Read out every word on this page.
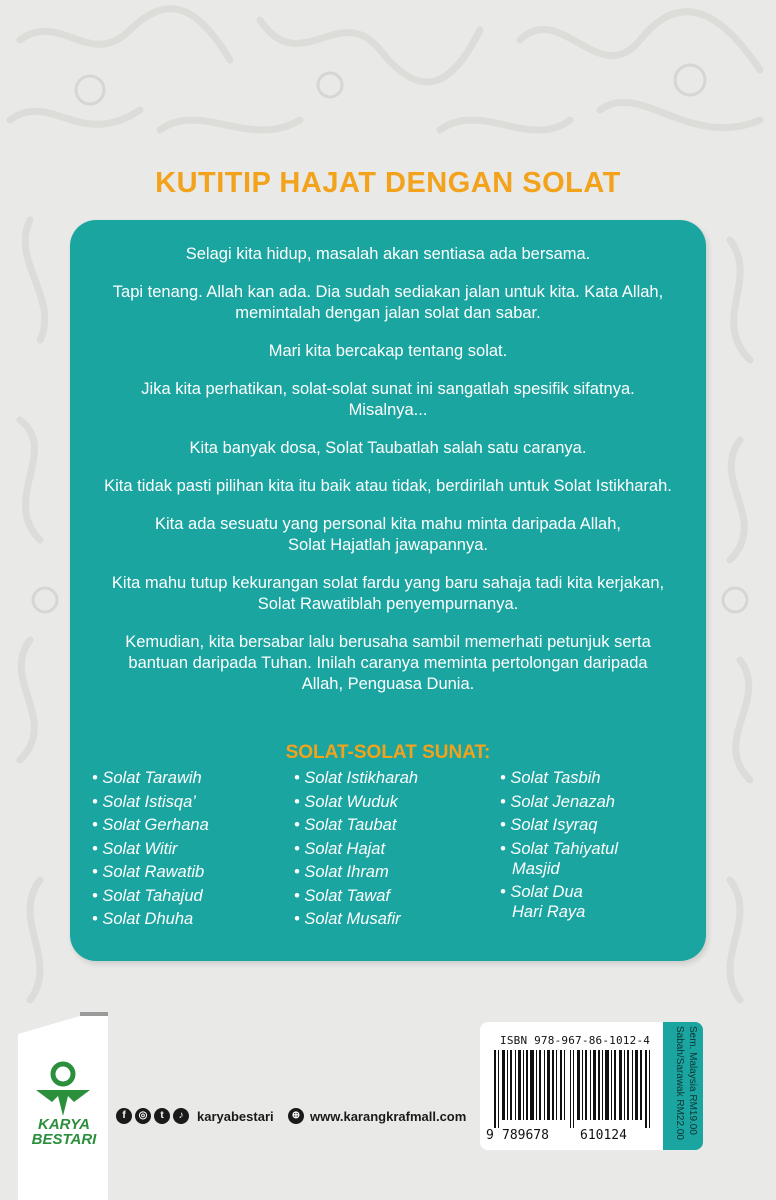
KUTITIP HAJAT DENGAN SOLAT

Selagi kita hidup, masalah akan sentiasa ada bersama.

Tapi tenang. Allah kan ada. Dia sudah sediakan jalan untuk kita. Kata Allah,
memintalah dengan jalan solat dan sabar.

Mari kita bercakap tentang solat.

Jika kita perhatikan, solat-solat sunat ini sangatlah spesifik sifatnya.
Misalnya...

Kita banyak dosa, Solat Taubatlah salah satu caranya.

Kita tidak pasti pilihan kita itu baik atau tidak, berdirilah untuk Solat Istikharah.

Kita ada sesuatu yang personal kita mahu minta daripada Allah,
Solat Hajatlah jawapannya.

Kita mahu tutup kekurangan solat fardu yang baru sahaja tadi kita kerjakan,
Solat Rawatiblah penyempurnanya.

Kemudian, kita bersabar lalu berusaha sambil memerhati petunjuk serta
bantuan daripada Tuhan. Inilah caranya meminta pertolongan daripada
Allah, Penguasa Dunia.

SOLAT-SOLAT SUNAT:
• Solat Tarawih
• Solat Istisqa’
• Solat Gerhana
• Solat Witir
• Solat Rawatib
• Solat Tahajud
• Solat Dhuha
• Solat Istikharah
• Solat Wuduk
• Solat Taubat
• Solat Hajat
• Solat Ihram
• Solat Tawaf
• Solat Musafir
• Solat Tasbih
• Solat Jenazah
• Solat Isyraq
• Solat Tahiyatul
Masjid
• Solat Dua
Hari Raya
KARYA
BESTARI
f	◎	t	♪	karyabestari	⊕ www.karangkrafmall.com
ISBN 978-967-86-1012-4
9 789678	610124
Sem. Malaysia RM19.00
Sabah/Sarawak RM22.00
